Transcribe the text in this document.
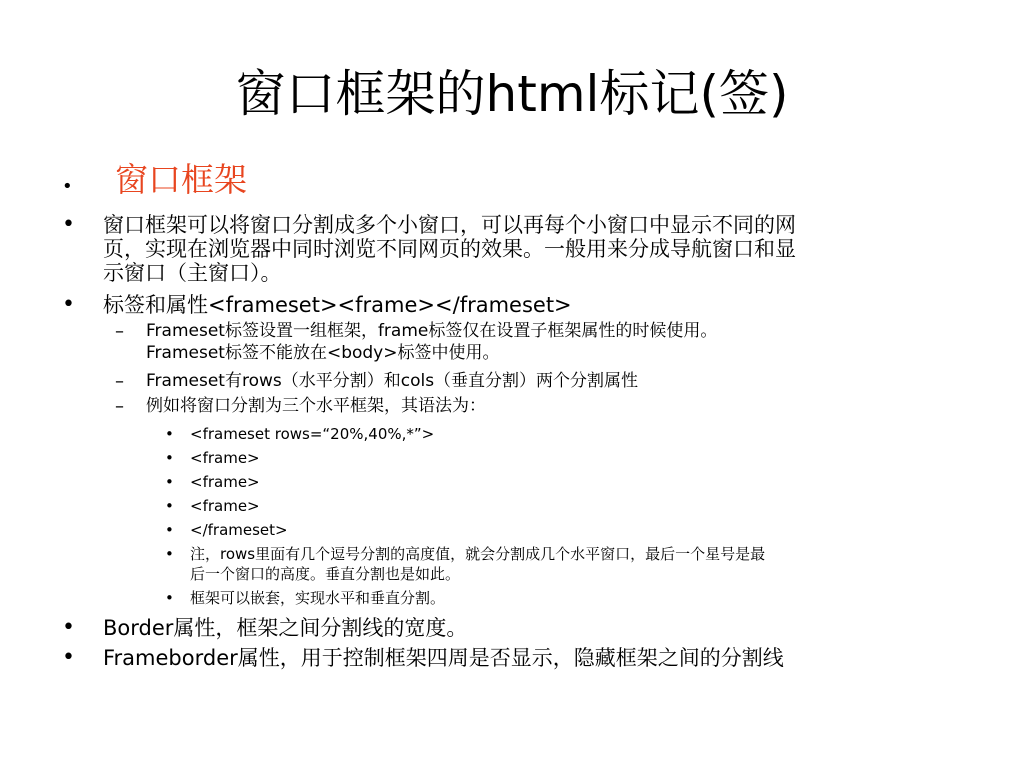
窗口框架的html标记(签)
• 窗口框架
• 窗口框架可以将窗口分割成多个小窗口，可以再每个小窗口中显示不同的网
页，实现在浏览器中同时浏览不同网页的效果。一般用来分成导航窗口和显
示窗口（主窗口）。
• 标签和属性<frameset><frame></frameset>
– Frameset标签设置一组框架，frame标签仅在设置子框架属性的时候使用。
Frameset标签不能放在<body>标签中使用。
– Frameset有rows（水平分割）和cols（垂直分割）两个分割属性
– 例如将窗口分割为三个水平框架，其语法为：
• <frameset rows=“20%,40%,*”>
• <frame>
• <frame>
• <frame>
• </frameset>
• 注，rows里面有几个逗号分割的高度值，就会分割成几个水平窗口，最后一个星号是最
后一个窗口的高度。垂直分割也是如此。
• 框架可以嵌套，实现水平和垂直分割。
• Border属性，框架之间分割线的宽度。
• Frameborder属性，用于控制框架四周是否显示，隐藏框架之间的分割线
